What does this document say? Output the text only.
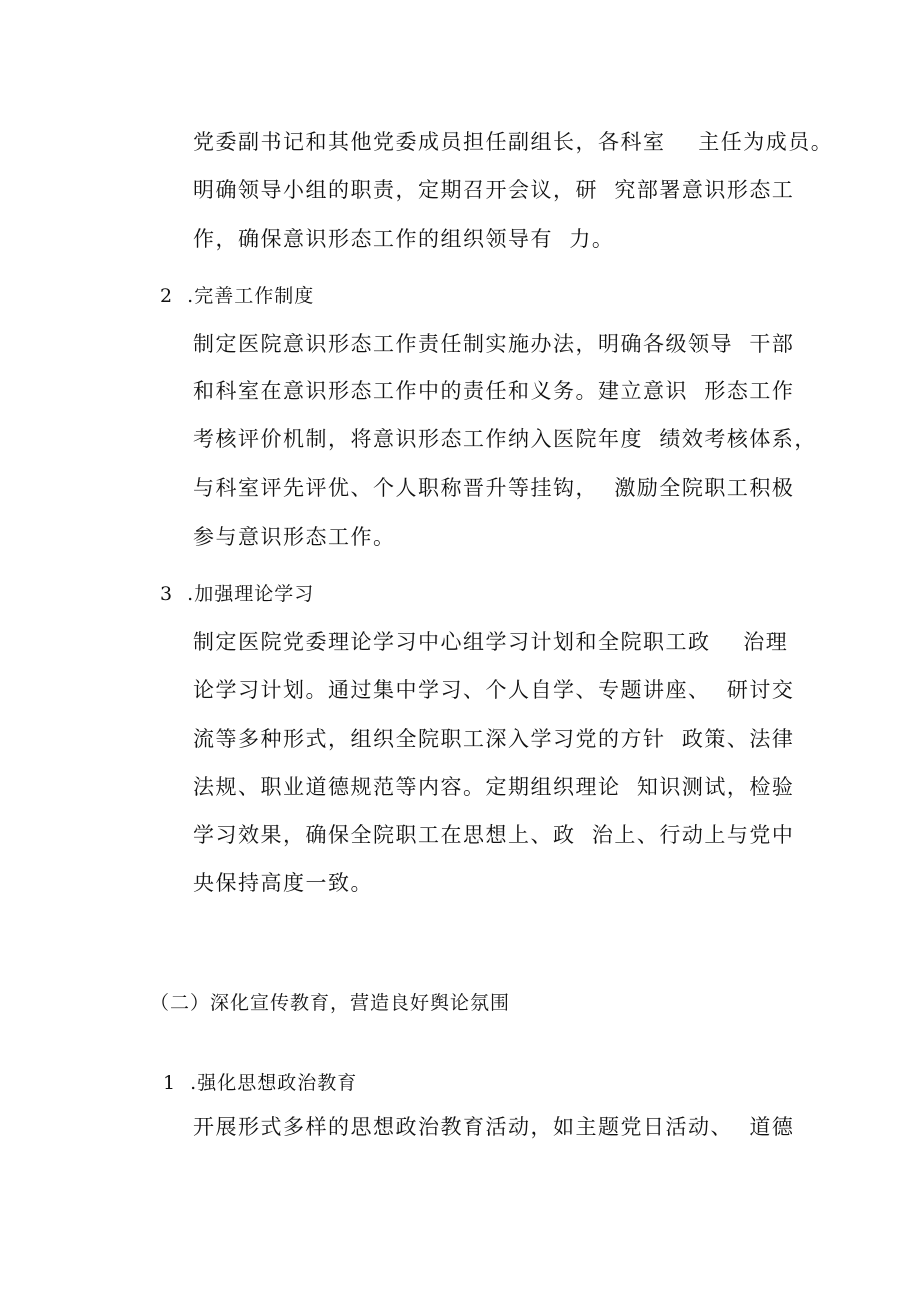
党委副书记和其他党委成员担任副组长，各科室    主任为成员。
明确领导小组的职责，定期召开会议，研  究部署意识形态工
作，确保意识形态工作的组织领导有  力。
2  .完善工作制度
制定医院意识形态工作责任制实施办法，明确各级领导  干部
和科室在意识形态工作中的责任和义务。建立意识  形态工作
考核评价机制，将意识形态工作纳入医院年度  绩效考核体系，
与科室评先评优、个人职称晋升等挂钩，  激励全院职工积极
参与意识形态工作。
3  .加强理论学习
制定医院党委理论学习中心组学习计划和全院职工政    治理
论学习计划。通过集中学习、个人自学、专题讲座、  研讨交
流等多种形式，组织全院职工深入学习党的方针  政策、法律
法规、职业道德规范等内容。定期组织理论  知识测试，检验
学习效果，确保全院职工在思想上、政  治上、行动上与党中
央保持高度一致。
（二）深化宣传教育，营造良好舆论氛围
1  .强化思想政治教育
开展形式多样的思想政治教育活动，如主题党日活动、  道德
